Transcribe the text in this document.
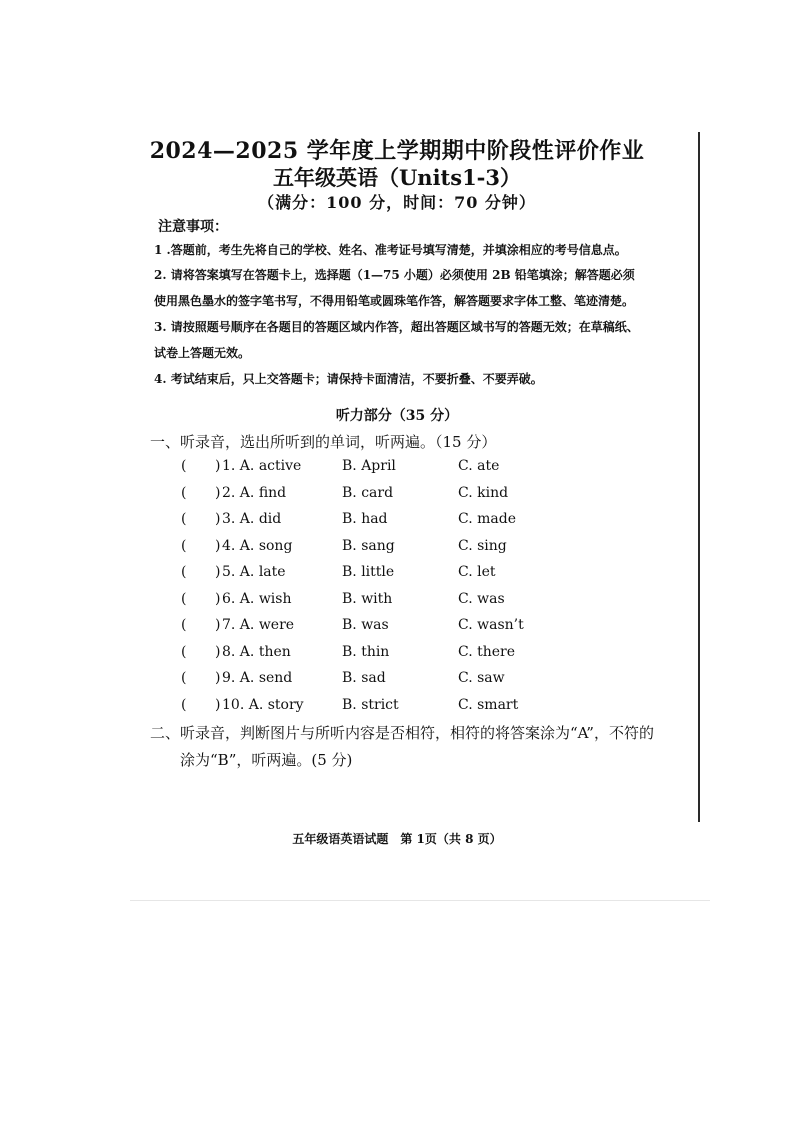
2024—2025 学年度上学期期中阶段性评价作业
五年级英语（Units1-3）
（满分：100 分，时间：70 分钟）
注意事项：
1 .答题前，考生先将自己的学校、姓名、准考证号填写清楚，并填涂相应的考号信息点。
2. 请将答案填写在答题卡上，选择题（1—75 小题）必须使用 2B 铅笔填涂；解答题必须
使用黑色墨水的签字笔书写，不得用铅笔或圆珠笔作答，解答题要求字体工整、笔迹清楚。
3. 请按照题号顺序在各题目的答题区域内作答，超出答题区域书写的答题无效；在草稿纸、
试卷上答题无效。
4. 考试结束后，只上交答题卡；请保持卡面清洁，不要折叠、不要弄破。
听力部分（35 分）
一、听录音，选出所听到的单词，听两遍。（15 分）
( ) 1. A. active	B. April	C. ate
( ) 2. A. find	B. card	C. kind
( ) 3. A. did	B. had	C. made
( ) 4. A. song	B. sang	C. sing
( ) 5. A. late	B. little	C. let
( ) 6. A. wish	B. with	C. was
( ) 7. A. were	B. was	C. wasn’t
( ) 8. A. then	B. thin	C. there
( ) 9. A. send	B. sad	C. saw
( ) 10. A. story	B. strict	C. smart
二、听录音，判断图片与所听内容是否相符，相符的将答案涂为“A”，不符的
涂为“B”，听两遍。(5 分)
五年级语英语试题　第 1页（共 8 页）
